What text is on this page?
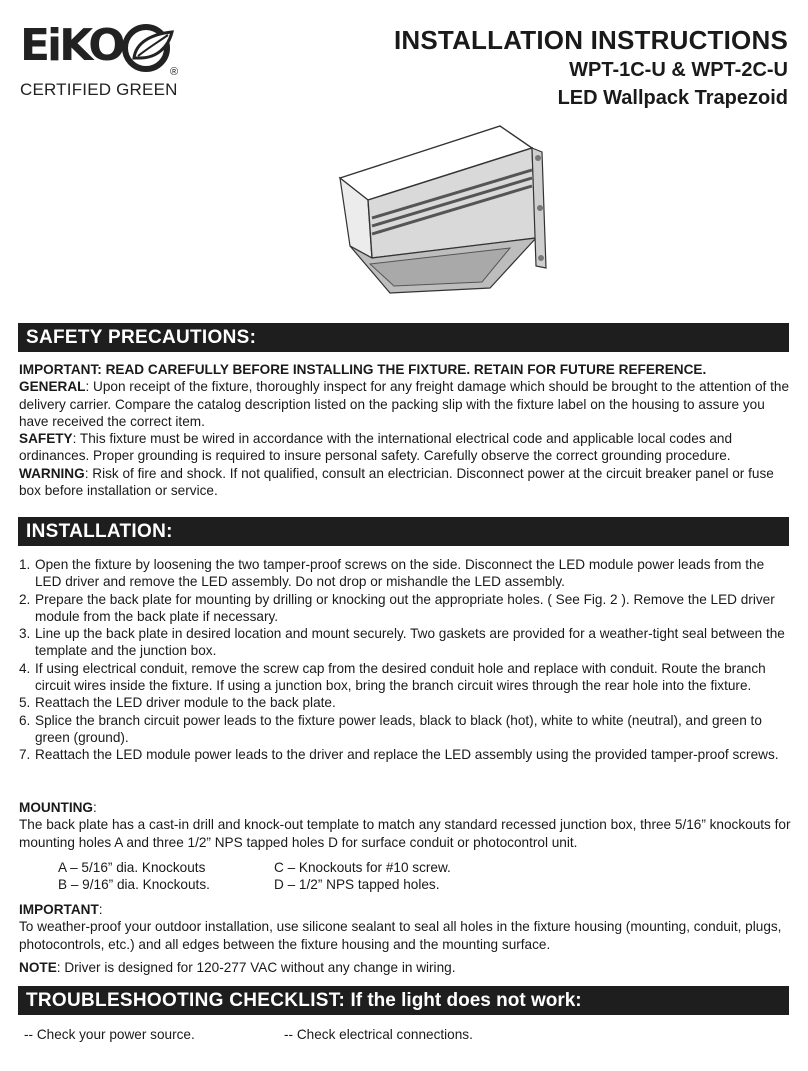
EiKO
®
CERTIFIED GREEN
INSTALLATION INSTRUCTIONS
WPT-1C-U & WPT-2C-U
LED Wallpack Trapezoid
SAFETY PRECAUTIONS:

IMPORTANT: READ CAREFULLY BEFORE INSTALLING THE FIXTURE. RETAIN FOR FUTURE REFERENCE.

GENERAL: Upon receipt of the fixture, thoroughly inspect for any freight damage which should be brought to the attention of the delivery carrier. Compare the catalog description listed on the packing slip with the fixture label on the housing to assure you have received the correct item.

SAFETY: This fixture must be wired in accordance with the international electrical code and applicable local codes and ordinances. Proper grounding is required to insure personal safety. Carefully observe the correct grounding procedure.

WARNING: Risk of fire and shock. If not qualified, consult an electrician. Disconnect power at the circuit breaker panel or fuse box before installation or service.

INSTALLATION:
1. Open the fixture by loosening the two tamper-proof screws on the side. Disconnect the LED module power leads from the LED driver and remove the LED assembly. Do not drop or mishandle the LED assembly.
2. Prepare the back plate for mounting by drilling or knocking out the appropriate holes. ( See Fig. 2 ). Remove the LED driver module from the back plate if necessary.
3. Line up the back plate in desired location and mount securely. Two gaskets are provided for a weather-tight seal between the template and the junction box.
4. If using electrical conduit, remove the screw cap from the desired conduit hole and replace with conduit. Route the branch circuit wires inside the fixture. If using a junction box, bring the branch circuit wires through the rear hole into the fixture.
5. Reattach the LED driver module to the back plate.
6. Splice the branch circuit power leads to the fixture power leads, black to black (hot), white to white (neutral), and green to green (ground).
7. Reattach the LED module power leads to the driver and replace the LED assembly using the provided tamper-proof screws.

MOUNTING:

The back plate has a cast-in drill and knock-out template to match any standard recessed junction box, three 5/16” knockouts for mounting holes A and three 1/2” NPS tapped holes D for surface conduit or photocontrol unit.

A – 5/16” dia. Knockouts	C – Knockouts for #10 screw.
B – 9/16” dia. Knockouts.	D – 1/2” NPS tapped holes.

IMPORTANT:

To weather-proof your outdoor installation, use silicone sealant to seal all holes in the fixture housing (mounting, conduit, plugs, photocontrols, etc.) and all edges between the fixture housing and the mounting surface.

NOTE: Driver is designed for 120-277 VAC without any change in wiring.

TROUBLESHOOTING CHECKLIST: If the light does not work:
-- Check your power source.	-- Check electrical connections.
